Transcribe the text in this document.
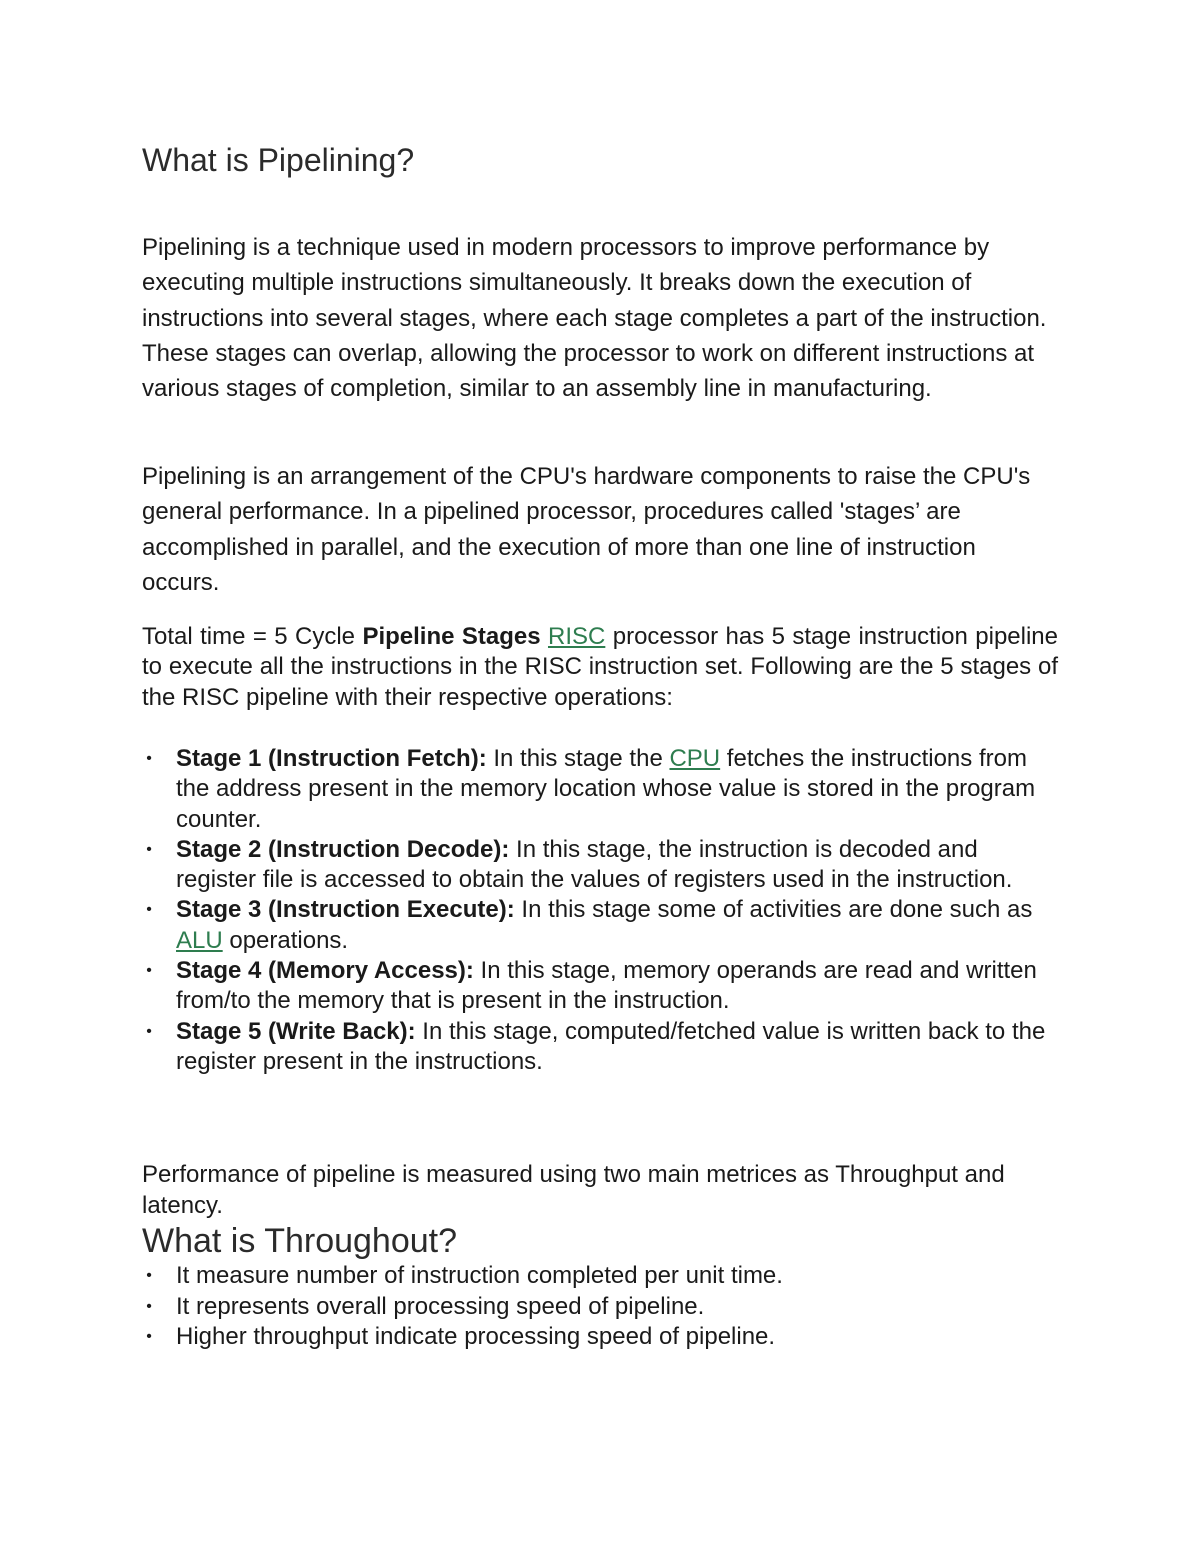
What is Pipelining?

Pipelining is a technique used in modern processors to improve performance by executing multiple instructions simultaneously. It breaks down the execution of instructions into several stages, where each stage completes a part of the instruction. These stages can overlap, allowing the processor to work on different instructions at various stages of completion, similar to an assembly line in manufacturing.

Pipelining is an arrangement of the CPU's hardware components to raise the CPU's general performance. In a pipelined processor, procedures called 'stages’ are accomplished in parallel, and the execution of more than one line of instruction occurs.

Total time = 5 Cycle Pipeline Stages RISC processor has 5 stage instruction pipeline to execute all the instructions in the RISC instruction set. Following are the 5 stages of the RISC pipeline with their respective operations:

• Stage 1 (Instruction Fetch): In this stage the CPU fetches the instructions from the address present in the memory location whose value is stored in the program counter.
• Stage 2 (Instruction Decode): In this stage, the instruction is decoded and register file is accessed to obtain the values of registers used in the instruction.
• Stage 3 (Instruction Execute): In this stage some of activities are done such as ALU operations.
• Stage 4 (Memory Access): In this stage, memory operands are read and written from/to the memory that is present in the instruction.
• Stage 5 (Write Back): In this stage, computed/fetched value is written back to the register present in the instructions.

Performance of pipeline is measured using two main metrices as Throughput and latency.

What is Throughout?
• It measure number of instruction completed per unit time.
• It represents overall processing speed of pipeline.
• Higher throughput indicate processing speed of pipeline.
